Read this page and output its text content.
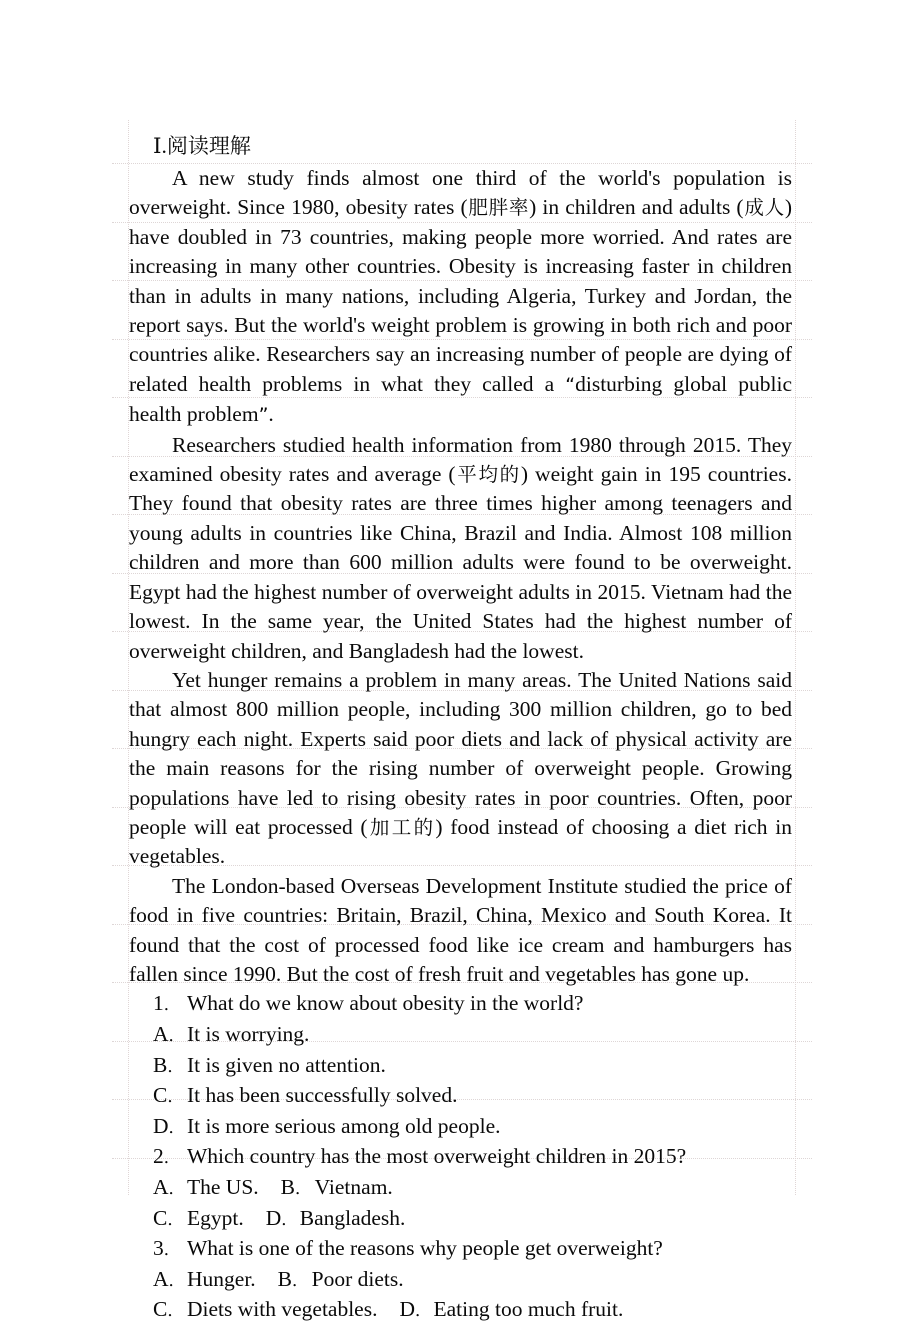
Ⅰ.阅读理解

A new study finds almost one third of the world's population is overweight. Since 1980, obesity rates (肥胖率) in children and adults (成人) have doubled in 73 countries, making people more worried. And rates are increasing in many other countries. Obesity is increasing faster in children than in adults in many nations, including Algeria, Turkey and Jordan, the report says. But the world's weight problem is growing in both rich and poor countries alike. Researchers say an increasing number of people are dying of related health problems in what they called a “disturbing global public health problem”.

Researchers studied health information from 1980 through 2015. They examined obesity rates and average (平均的) weight gain in 195 countries. They found that obesity rates are three times higher among teenagers and young adults in countries like China, Brazil and India. Almost 108 million children and more than 600 million adults were found to be overweight. Egypt had the highest number of overweight adults in 2015. Vietnam had the lowest. In the same year, the United States had the highest number of overweight children, and Bangladesh had the lowest.

Yet hunger remains a problem in many areas. The United Nations said that almost 800 million people, including 300 million children, go to bed hungry each night. Experts said poor diets and lack of physical activity are the main reasons for the rising number of overweight people. Growing populations have led to rising obesity rates in poor countries. Often, poor people will eat processed (加工的) food instead of choosing a diet rich in vegetables.

The London-based Overseas Development Institute studied the price of food in five countries: Britain, Brazil, China, Mexico and South Korea. It found that the cost of processed food like ice cream and hamburgers has fallen since 1990. But the cost of fresh fruit and vegetables has gone up.

1． What do we know about obesity in the world?
A．It is worrying.
B． It is given no attention.
C． It has been successfully solved.
D．It is more serious among old people.
2． Which country has the most overweight children in 2015?
A．The US. B． Vietnam.
C． Egypt. D．Bangladesh.
3． What is one of the reasons why people get overweight?
A．Hunger. B． Poor diets.
C． Diets with vegetables. D．Eating too much fruit.
